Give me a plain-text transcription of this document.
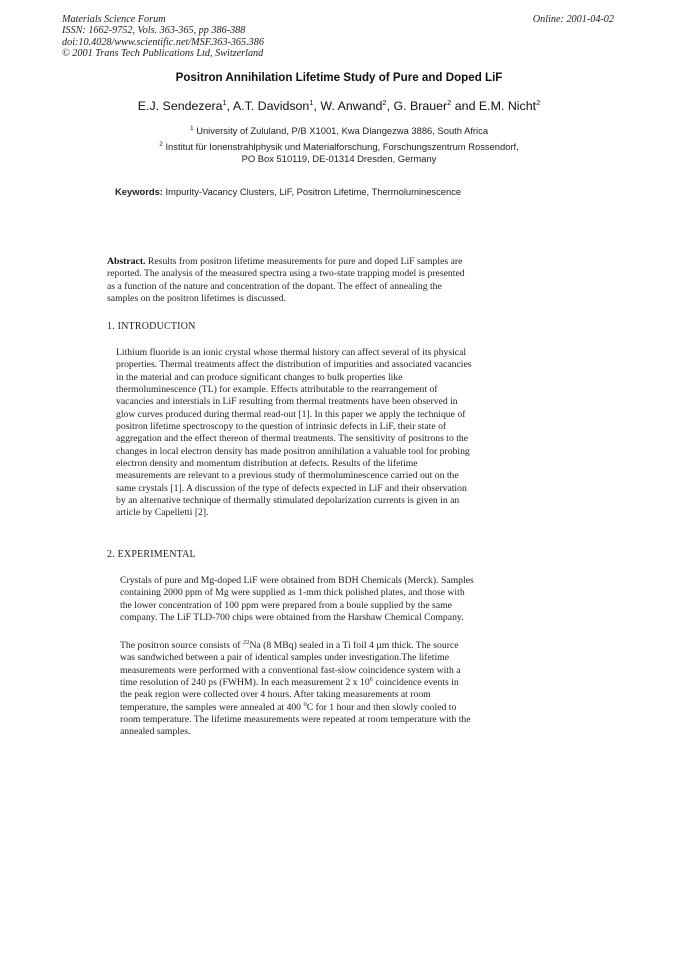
Materials Science Forum
ISSN: 1662-9752, Vols. 363-365, pp 386-388
doi:10.4028/www.scientific.net/MSF.363-365.386
© 2001 Trans Tech Publications Ltd, Switzerland
Online: 2001-04-02
Positron Annihilation Lifetime Study of Pure and Doped LiF
E.J. Sendezera$^1$, A.T. Davidson$^1$, W. Anwand$^2$, G. Brauer$^2$ and E.M. Nicht$^2$
$^1$ University of Zululand, P/B X1001, Kwa Dlangezwa 3886, South Africa
$^2$ Institut für Ionenstrahlphysik und Materialforschung, Forschungszentrum Rossendorf,
PO Box 510119, DE-01314 Dresden, Germany
Keywords: Impurity-Vacancy Clusters, LiF, Positron Lifetime, Thermoluminescence
Abstract. Results from positron lifetime measurements for pure and doped LiF samples are
reported. The analysis of the measured spectra using a two-state trapping model is presented
as a function of the nature and concentration of the dopant. The effect of annealing the
samples on the positron lifetimes is discussed.
1. INTRODUCTION
Lithium fluoride is an ionic crystal whose thermal history can affect several of its physical
properties. Thermal treatments affect the distribution of impurities and associated vacancies
in the material and can produce significant changes to bulk properties like
thermoluminescence (TL) for example. Effects attributable to the rearrangement of
vacancies and interstials in LiF resulting from thermal treatments have been observed in
glow curves produced during thermal read-out [1]. In this paper we apply the technique of
positron lifetime spectroscopy to the question of intrinsic defects in LiF, their state of
aggregation and the effect thereon of thermal treatments. The sensitivity of positrons to the
changes in local electron density has made positron annihilation a valuable tool for probing
electron density and momentum distribution at defects. Results of the lifetime
measurements are relevant to a previous study of thermoluminescence carried out on the
same crystals [1]. A discussion of the type of defects expected in LiF and their observation
by an alternative technique of thermally stimulated depolarization currents is given in an
article by Capelletti [2].
2. EXPERIMENTAL
Crystals of pure and Mg-doped LiF were obtained from BDH Chemicals (Merck). Samples
containing 2000 ppm of Mg were supplied as 1-mm thick polished plates, and those with
the lower concentration of 100 ppm were prepared from a boule supplied by the same
company. The LiF TLD-700 chips were obtained from the Harshaw Chemical Company.
The positron source consists of $^{22}$Na (8 MBq) sealed in a Ti foil 4 µm thick. The source
was sandwiched between a pair of identical samples under investigation.The lifetime
measurements were performed with a conventional fast-slow coincidence system with a
time resolution of 240 ps (FWHM). In each measurement 2 x $10^6$ coincidence events in
the peak region were collected over 4 hours. After taking measurements at room
temperature, the samples were annealed at 400 $^0$C for 1 hour and then slowly cooled to
room temperature. The lifetime measurements were repeated at room temperature with the
annealed samples.
